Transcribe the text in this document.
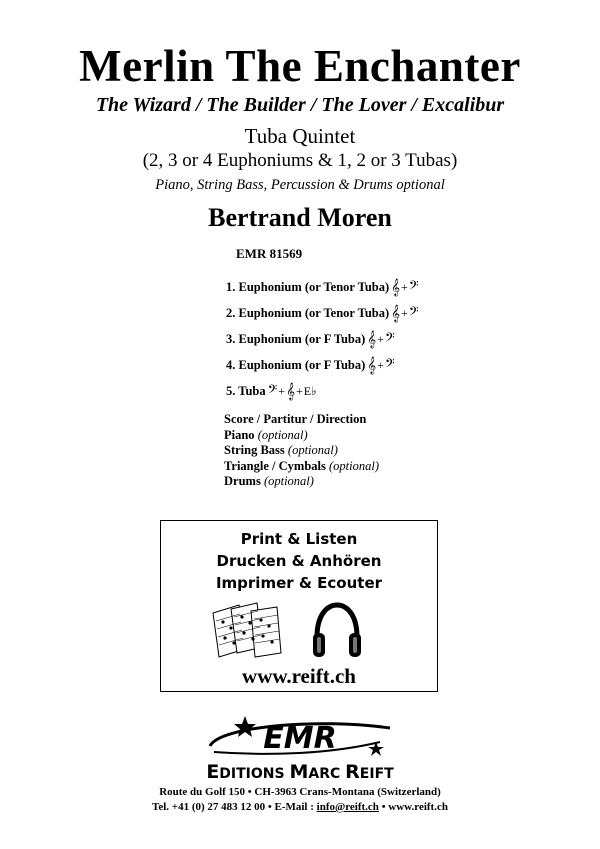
Merlin The Enchanter
The Wizard / The Builder / The Lover / Excalibur
Tuba Quintet
(2, 3 or 4 Euphoniums & 1, 2 or 3 Tubas)
Piano, String Bass, Percussion & Drums optional
Bertrand Moren
EMR 81569
1. Euphonium (or Tenor Tuba) 𝄞 + 𝄢
2. Euphonium (or Tenor Tuba) 𝄞 + 𝄢
3. Euphonium (or F Tuba) 𝄞 + 𝄢
4. Euphonium (or F Tuba) 𝄞 + 𝄢
5. Tuba 𝄢 + 𝄞 + E♭
Score / Partitur / Direction
Piano (optional)
String Bass (optional)
Triangle / Cymbals (optional)
Drums (optional)
Print & Listen
Drucken & Anhören
Imprimer & Ecouter
www.reift.ch
EMR
EDITIONS MARC REIFT
Route du Golf 150 • CH-3963 Crans-Montana (Switzerland)
Tel. +41 (0) 27 483 12 00 • E-Mail : info@reift.ch • www.reift.ch
